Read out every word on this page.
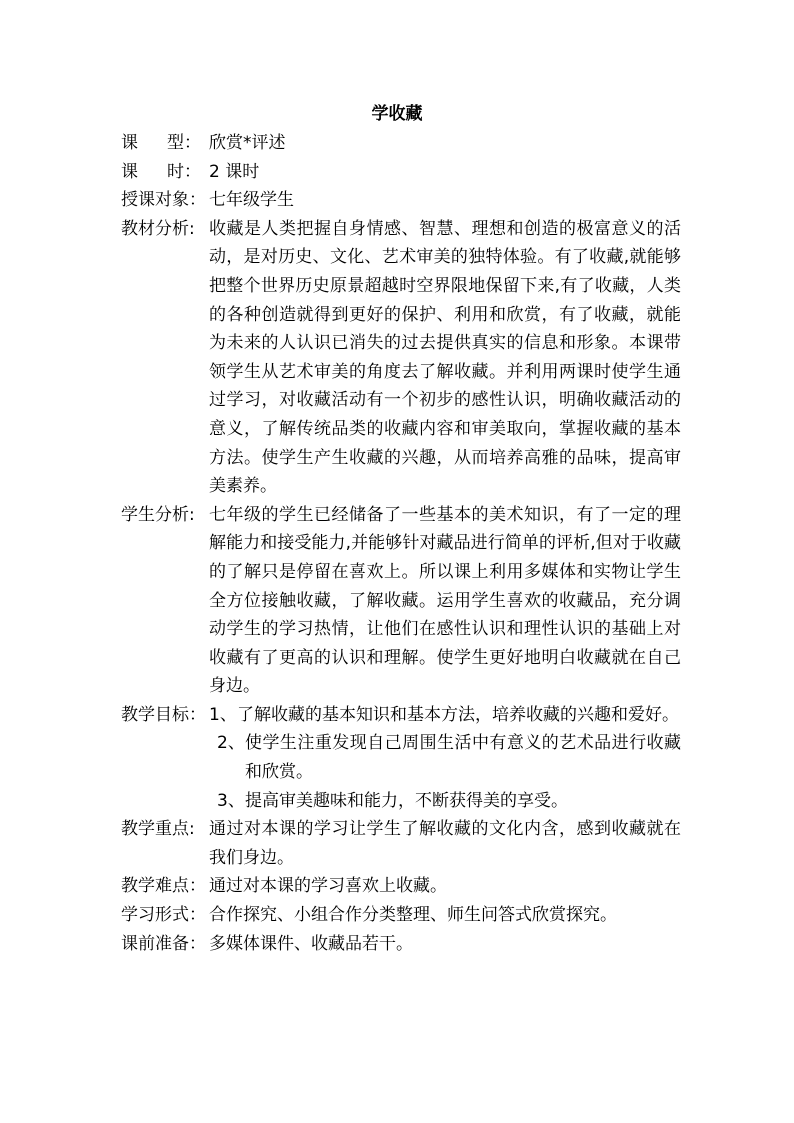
学收藏
课 型： 欣赏*评述
课 时： 2 课时
授课对象： 七年级学生
教材分析: 收藏是人类把握自身情感、智慧、理想和创造的极富意义的活动，是对历史、文化、艺术审美的独特体验。有了收藏,就能够把整个世界历史原景超越时空界限地保留下来,有了收藏，人类的各种创造就得到更好的保护、利用和欣赏，有了收藏，就能为未来的人认识已消失的过去提供真实的信息和形象。本课带领学生从艺术审美的角度去了解收藏。并利用两课时使学生通过学习，对收藏活动有一个初步的感性认识，明确收藏活动的意义，了解传统品类的收藏内容和审美取向，掌握收藏的基本方法。使学生产生收藏的兴趣，从而培养高雅的品味，提高审美素养。
学生分析: 七年级的学生已经储备了一些基本的美术知识，有了一定的理解能力和接受能力,并能够针对藏品进行简单的评析,但对于收藏的了解只是停留在喜欢上。所以课上利用多媒体和实物让学生全方位接触收藏，了解收藏。运用学生喜欢的收藏品，充分调动学生的学习热情，让他们在感性认识和理性认识的基础上对收藏有了更高的认识和理解。使学生更好地明白收藏就在自己身边。
教学目标： 1、 了解收藏的基本知识和基本方法，培养收藏的兴趣和爱好。
2、 使学生注重发现自己周围生活中有意义的艺术品进行收藏和欣赏。
3、 提高审美趣味和能力，不断获得美的享受。
教学重点: 通过对本课的学习让学生了解收藏的文化内含，感到收藏就在我们身边。
教学难点： 通过对本课的学习喜欢上收藏。
学习形式： 合作探究、小组合作分类整理、师生问答式欣赏探究。
课前准备： 多媒体课件、收藏品若干。
